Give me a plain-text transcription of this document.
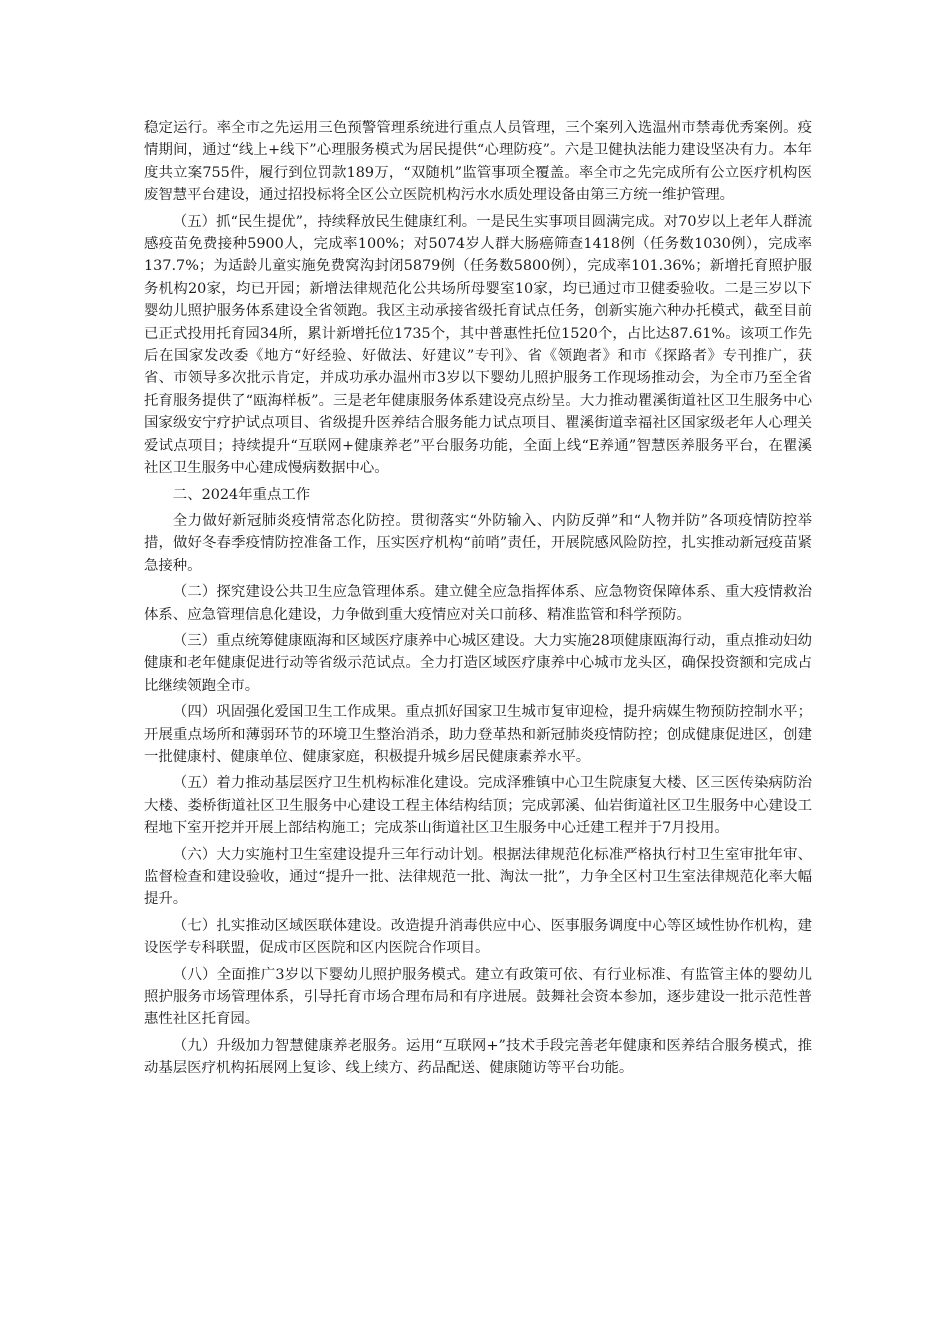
稳定运行。率全市之先运用三色预警管理系统进行重点人员管理，三个案列入选温州市禁毒优秀案例。疫情期间，通过“线上+线下”心理服务模式为居民提供“心理防疫”。六是卫健执法能力建设坚决有力。本年度共立案755件，履行到位罚款189万，“双随机”监管事项全覆盖。率全市之先完成所有公立医疗机构医废智慧平台建设，通过招投标将全区公立医院机构污水水质处理设备由第三方统一维护管理。

（五）抓“民生提优”，持续释放民生健康红利。一是民生实事项目圆满完成。对70岁以上老年人群流感疫苗免费接种5900人，完成率100%；对5074岁人群大肠癌筛查1418例（任务数1030例），完成率137.7%；为适龄儿童实施免费窝沟封闭5879例（任务数5800例），完成率101.36%；新增托育照护服务机构20家，均已开园；新增法律规范化公共场所母婴室10家，均已通过市卫健委验收。二是三岁以下婴幼儿照护服务体系建设全省领跑。我区主动承接省级托育试点任务，创新实施六种办托模式，截至目前已正式投用托育园34所，累计新增托位1735个，其中普惠性托位1520个，占比达87.61%。该项工作先后在国家发改委《地方“好经验、好做法、好建议”专刊》、省《领跑者》和市《探路者》专刊推广，获省、市领导多次批示肯定，并成功承办温州市3岁以下婴幼儿照护服务工作现场推动会，为全市乃至全省托育服务提供了“瓯海样板”。三是老年健康服务体系建设亮点纷呈。大力推动瞿溪街道社区卫生服务中心国家级安宁疗护试点项目、省级提升医养结合服务能力试点项目、瞿溪街道幸福社区国家级老年人心理关爱试点项目；持续提升“互联网+健康养老”平台服务功能，全面上线“E养通”智慧医养服务平台，在瞿溪社区卫生服务中心建成慢病数据中心。

二、2024年重点工作

全力做好新冠肺炎疫情常态化防控。贯彻落实“外防输入、内防反弹”和“人物并防”各项疫情防控举措，做好冬春季疫情防控准备工作，压实医疗机构“前哨”责任，开展院感风险防控，扎实推动新冠疫苗紧急接种。

（二）探究建设公共卫生应急管理体系。建立健全应急指挥体系、应急物资保障体系、重大疫情救治体系、应急管理信息化建设，力争做到重大疫情应对关口前移、精准监管和科学预防。

（三）重点统筹健康瓯海和区域医疗康养中心城区建设。大力实施28项健康瓯海行动，重点推动妇幼健康和老年健康促进行动等省级示范试点。全力打造区域医疗康养中心城市龙头区，确保投资额和完成占比继续领跑全市。

（四）巩固强化爱国卫生工作成果。重点抓好国家卫生城市复审迎检，提升病媒生物预防控制水平；开展重点场所和薄弱环节的环境卫生整治消杀，助力登革热和新冠肺炎疫情防控；创成健康促进区，创建一批健康村、健康单位、健康家庭，积极提升城乡居民健康素养水平。

（五）着力推动基层医疗卫生机构标准化建设。完成泽雅镇中心卫生院康复大楼、区三医传染病防治大楼、娄桥街道社区卫生服务中心建设工程主体结构结顶；完成郭溪、仙岩街道社区卫生服务中心建设工程地下室开挖并开展上部结构施工；完成茶山街道社区卫生服务中心迁建工程并于7月投用。

（六）大力实施村卫生室建设提升三年行动计划。根据法律规范化标准严格执行村卫生室审批年审、监督检查和建设验收，通过“提升一批、法律规范一批、淘汰一批”，力争全区村卫生室法律规范化率大幅提升。

（七）扎实推动区域医联体建设。改造提升消毒供应中心、医事服务调度中心等区域性协作机构，建设医学专科联盟，促成市区医院和区内医院合作项目。

（八）全面推广3岁以下婴幼儿照护服务模式。建立有政策可依、有行业标准、有监管主体的婴幼儿照护服务市场管理体系，引导托育市场合理布局和有序进展。鼓舞社会资本参加，逐步建设一批示范性普惠性社区托育园。

（九）升级加力智慧健康养老服务。运用“互联网+”技术手段完善老年健康和医养结合服务模式，推动基层医疗机构拓展网上复诊、线上续方、药品配送、健康随访等平台功能。
